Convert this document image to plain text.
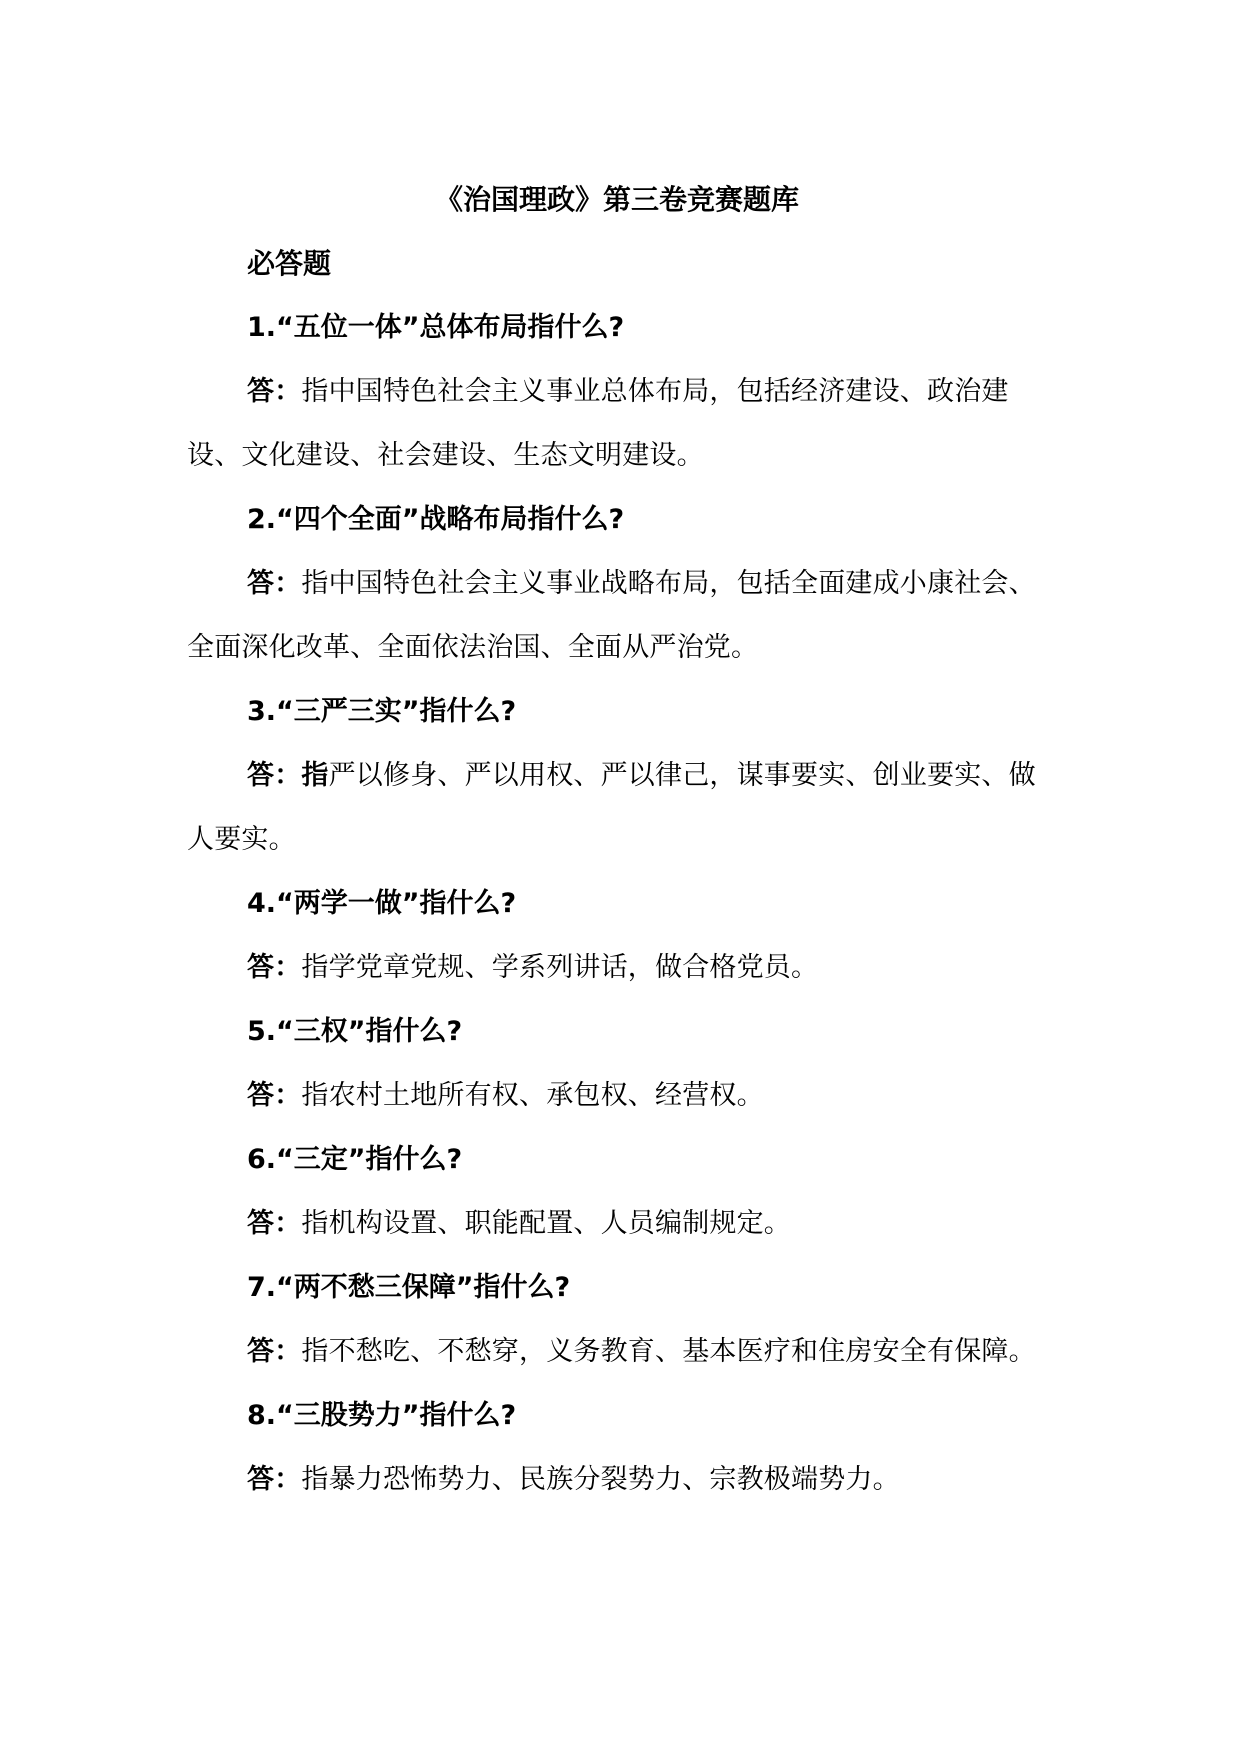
《治国理政》第三卷竞赛题库

必答题

1.“五位一体”总体布局指什么?

答：指中国特色社会主义事业总体布局，包括经济建设、政治建设、文化建设、社会建设、生态文明建设。

2.“四个全面”战略布局指什么?

答：指中国特色社会主义事业战略布局，包括全面建成小康社会、全面深化改革、全面依法治国、全面从严治党。

3.“三严三实”指什么?

答：指严以修身、严以用权、严以律己，谋事要实、创业要实、做人要实。

4.“两学一做”指什么?

答：指学党章党规、学系列讲话，做合格党员。

5.“三权”指什么?

答：指农村土地所有权、承包权、经营权。

6.“三定”指什么?

答：指机构设置、职能配置、人员编制规定。

7.“两不愁三保障”指什么?

答：指不愁吃、不愁穿，义务教育、基本医疗和住房安全有保障。

8.“三股势力”指什么?

答：指暴力恐怖势力、民族分裂势力、宗教极端势力。
